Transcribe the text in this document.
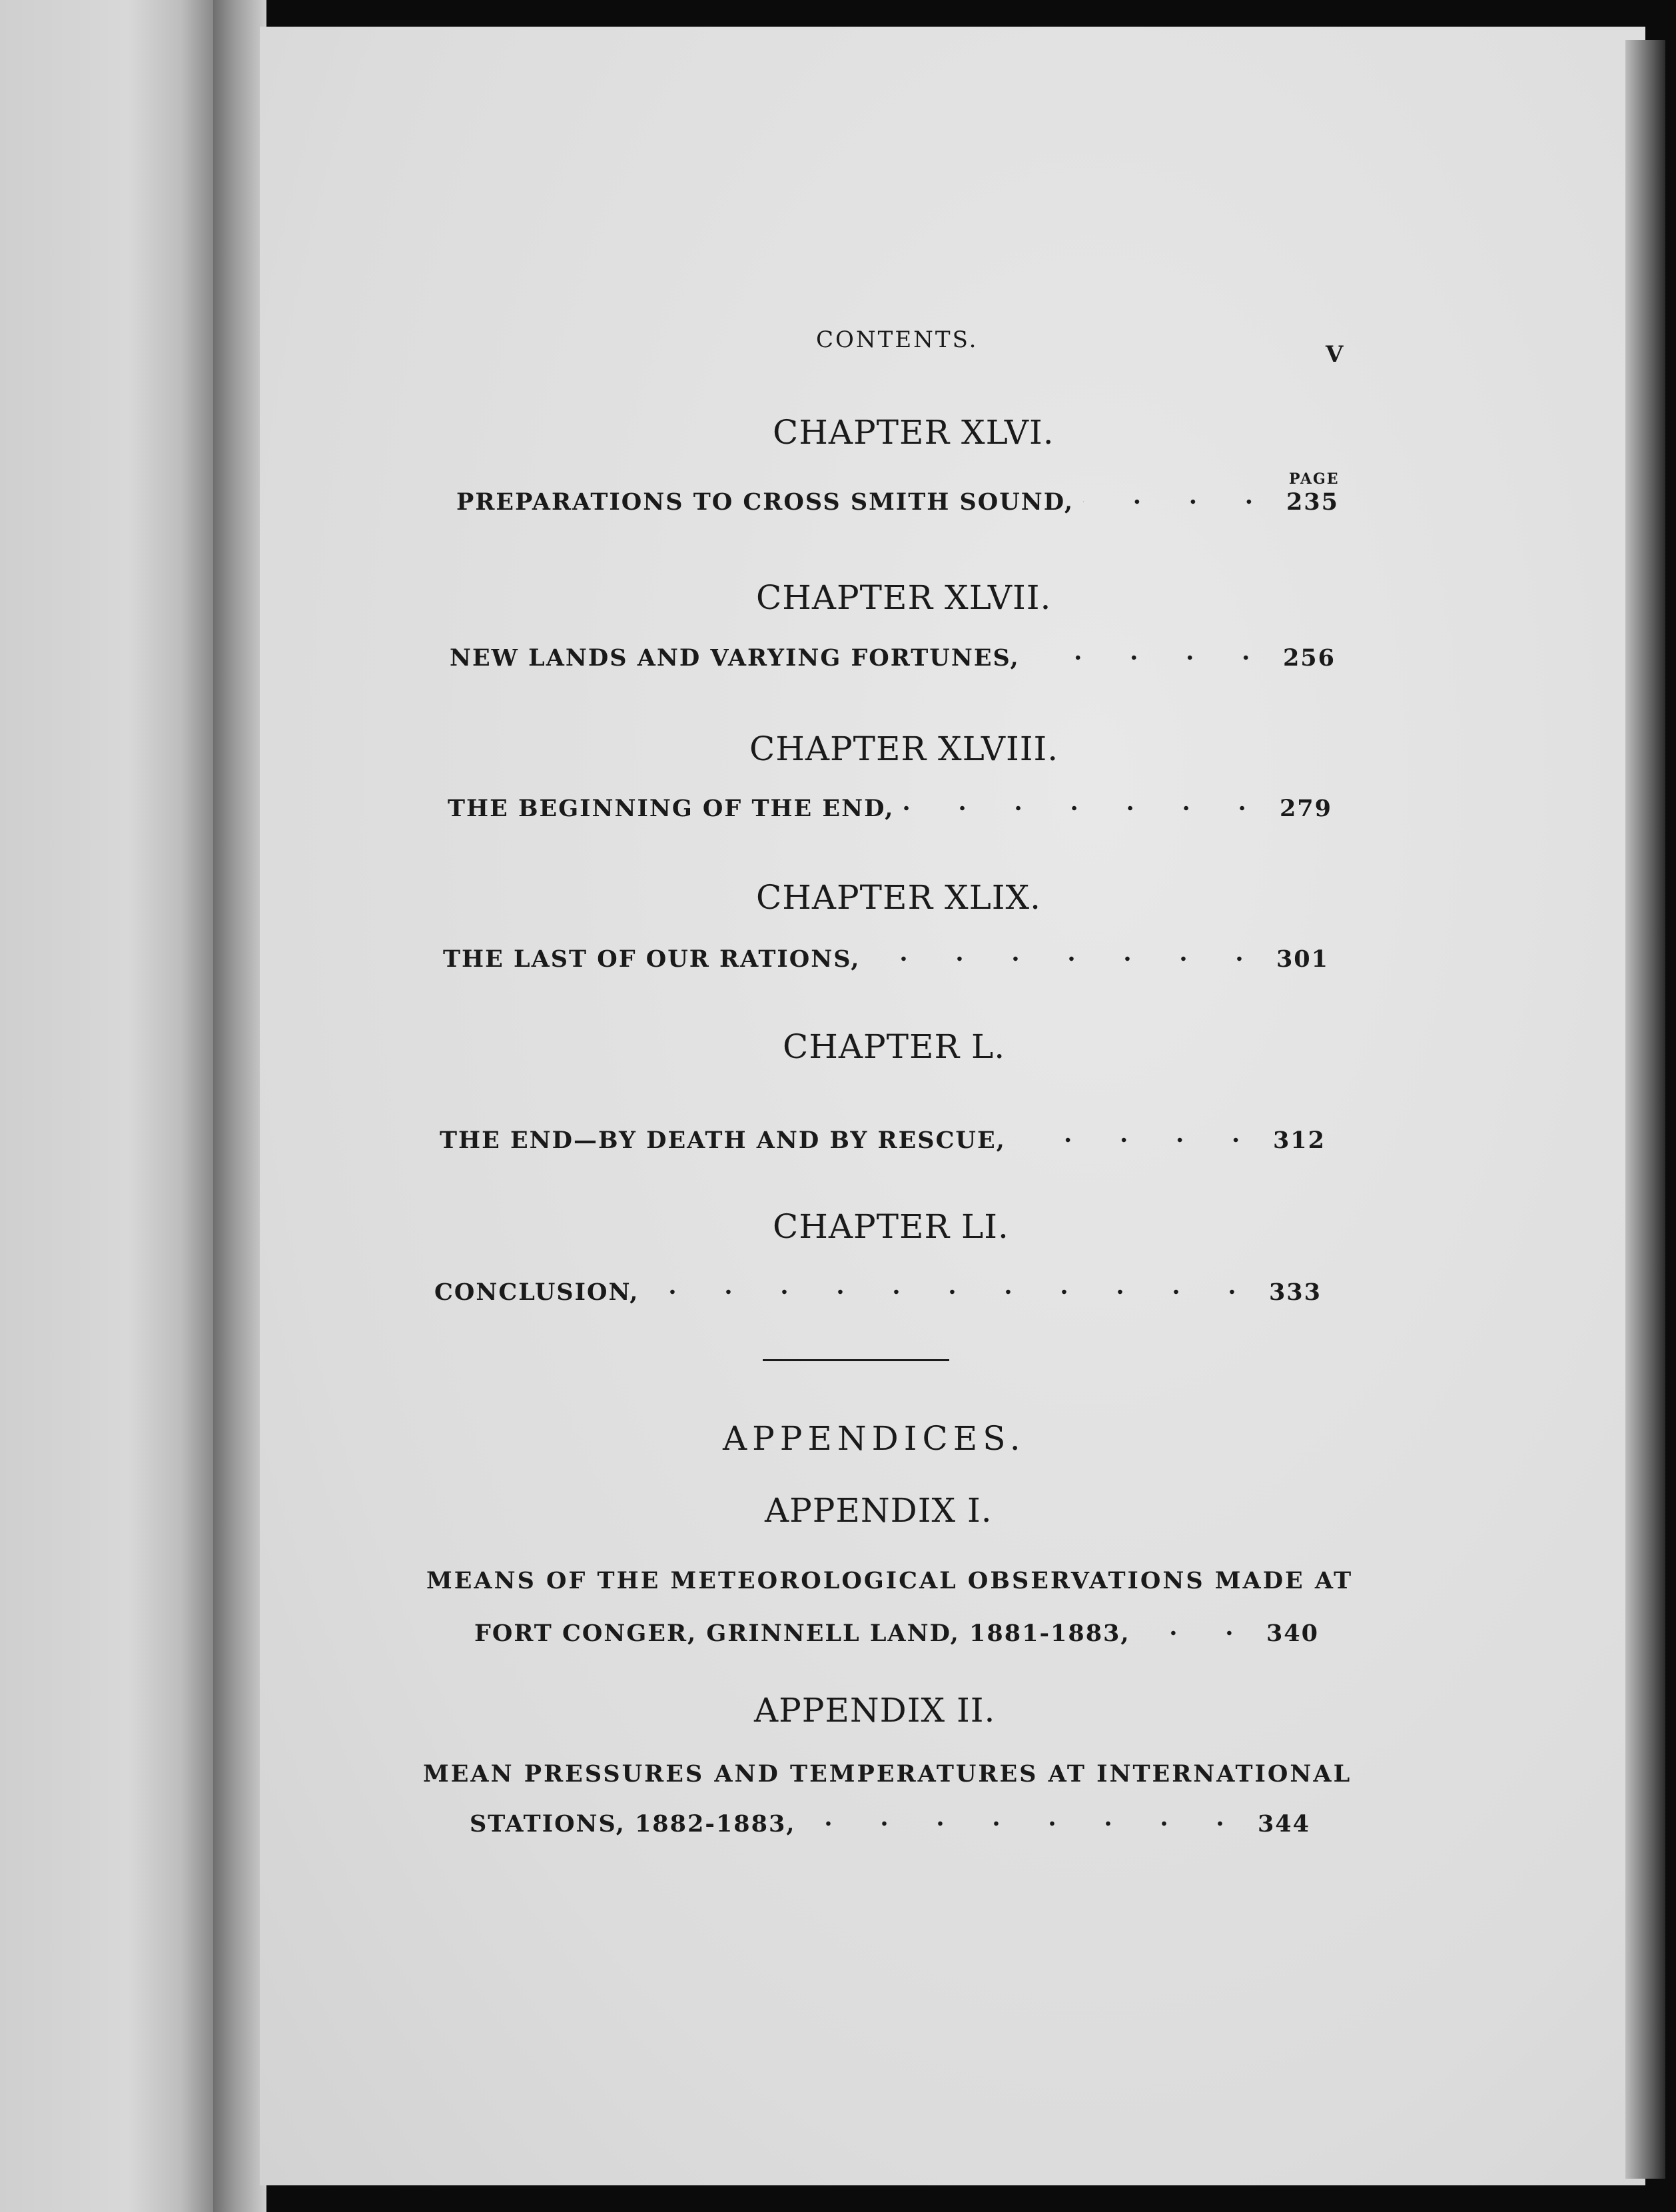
CONTENTS.
V
CHAPTER XLVI.
PAGE
PREPARATIONS TO CROSS SMITH SOUND,	235
CHAPTER XLVII.
NEW LANDS AND VARYING FORTUNES,	256
CHAPTER XLVIII.
THE BEGINNING OF THE END,	279
CHAPTER XLIX.
THE LAST OF OUR RATIONS,	301
CHAPTER L.
THE END—BY DEATH AND BY RESCUE,	312
CHAPTER LI.
CONCLUSION,	333
APPENDICES.
APPENDIX I.
MEANS OF THE METEOROLOGICAL OBSERVATIONS MADE AT
FORT CONGER, GRINNELL LAND, 1881-1883,	340
APPENDIX II.
MEAN PRESSURES AND TEMPERATURES AT INTERNATIONAL
STATIONS, 1882-1883,	344
